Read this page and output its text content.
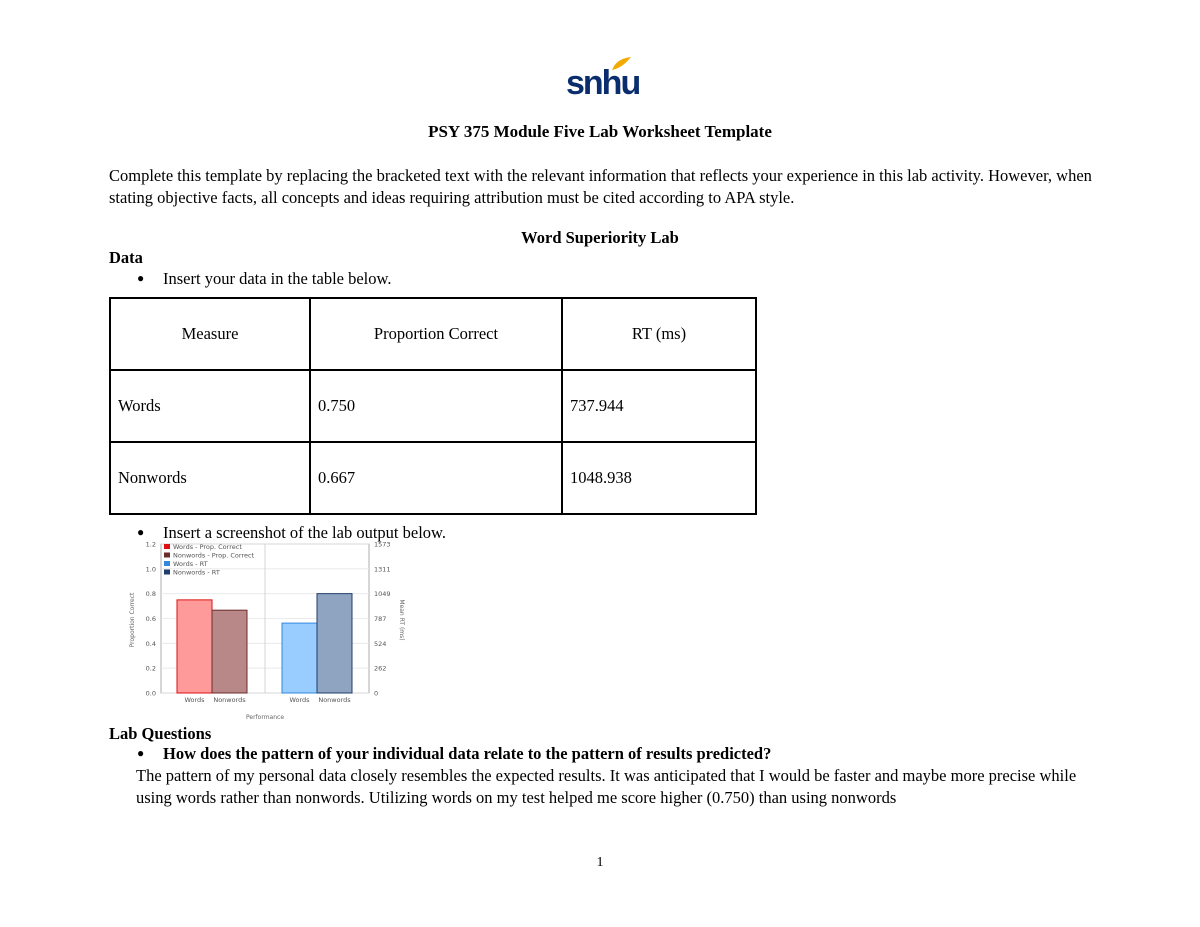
snhu
PSY 375 Module Five Lab Worksheet Template
Complete this template by replacing the bracketed text with the relevant information that reflects your experience in this lab activity. However, when stating objective facts, all concepts and ideas requiring attribution must be cited according to APA style.
Word Superiority Lab
Data
● Insert your data in the table below.
Measure	Proportion Correct	RT (ms)
Words	0.750	737.944
Nonwords	0.667	1048.938
● Insert a screenshot of the lab output below.
1.2
1.0
0.8
0.6
0.4
0.2
0.0
1573
1311
1049
787
524
262
0
Words Nonwords	Words Nonwords
Words - Prop. Correct
Nonwords - Prop. Correct
Words - RT
Nonwords - RT
Proportion Correct	Mean RT (ms)
Performance
Lab Questions
● How does the pattern of your individual data relate to the pattern of results predicted?
The pattern of my personal data closely resembles the expected results. It was anticipated that I would be faster and maybe more precise while using words rather than nonwords. Utilizing words on my test helped me score higher (0.750) than using nonwords
1
